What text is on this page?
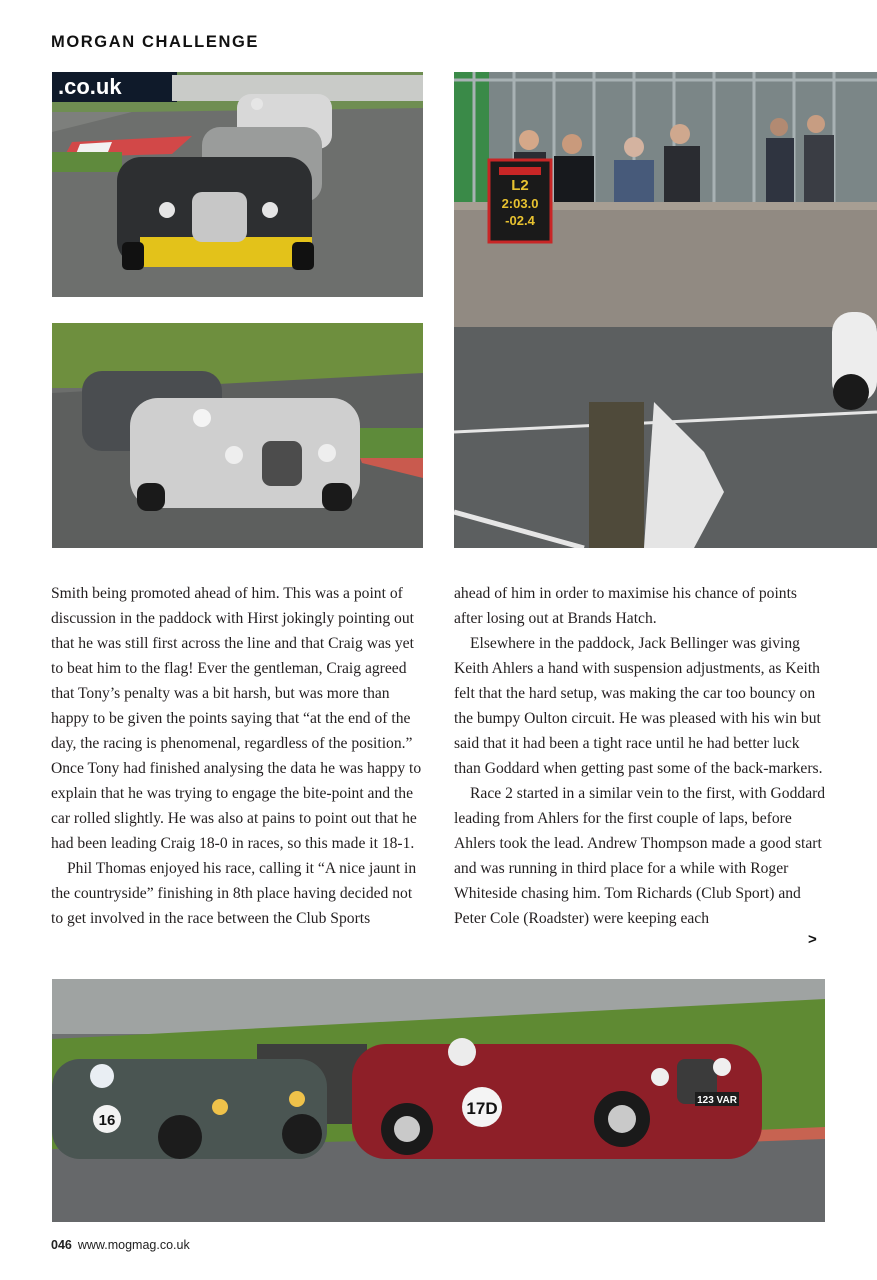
MORGAN CHALLENGE
.co.uk
L2
2:03.0
-02.4

Smith being promoted ahead of him. This was a point of discussion in the paddock with Hirst jokingly pointing out that he was still first across the line and that Craig was yet to beat him to the flag! Ever the gentleman, Craig agreed that Tony’s penalty was a bit harsh, but was more than happy to be given the points saying that “at the end of the day, the racing is phenomenal, regardless of the position.” Once Tony had finished analysing the data he was happy to explain that he was trying to engage the bite-point and the car rolled slightly. He was also at pains to point out that he had been leading Craig 18-0 in races, so this made it 18-1.

Phil Thomas enjoyed his race, calling it “A nice jaunt in the countryside” finishing in 8th place having decided not to get involved in the race between the Club Sports

ahead of him in order to maximise his chance of points after losing out at Brands Hatch.

Elsewhere in the paddock, Jack Bellinger was giving Keith Ahlers a hand with suspension adjustments, as Keith felt that the hard setup, was making the car too bouncy on the bumpy Oulton circuit. He was pleased with his win but said that it had been a tight race until he had better luck than Goddard when getting past some of the back-markers.

Race 2 started in a similar vein to the first, with Goddard leading from Ahlers for the first couple of laps, before Ahlers took the lead. Andrew Thompson made a good start and was running in third place for a while with Roger Whiteside chasing him. Tom Richards (Club Sport) and Peter Cole (Roadster) were keeping each

>
16
17D	123 VAR
046 www.mogmag.co.uk
